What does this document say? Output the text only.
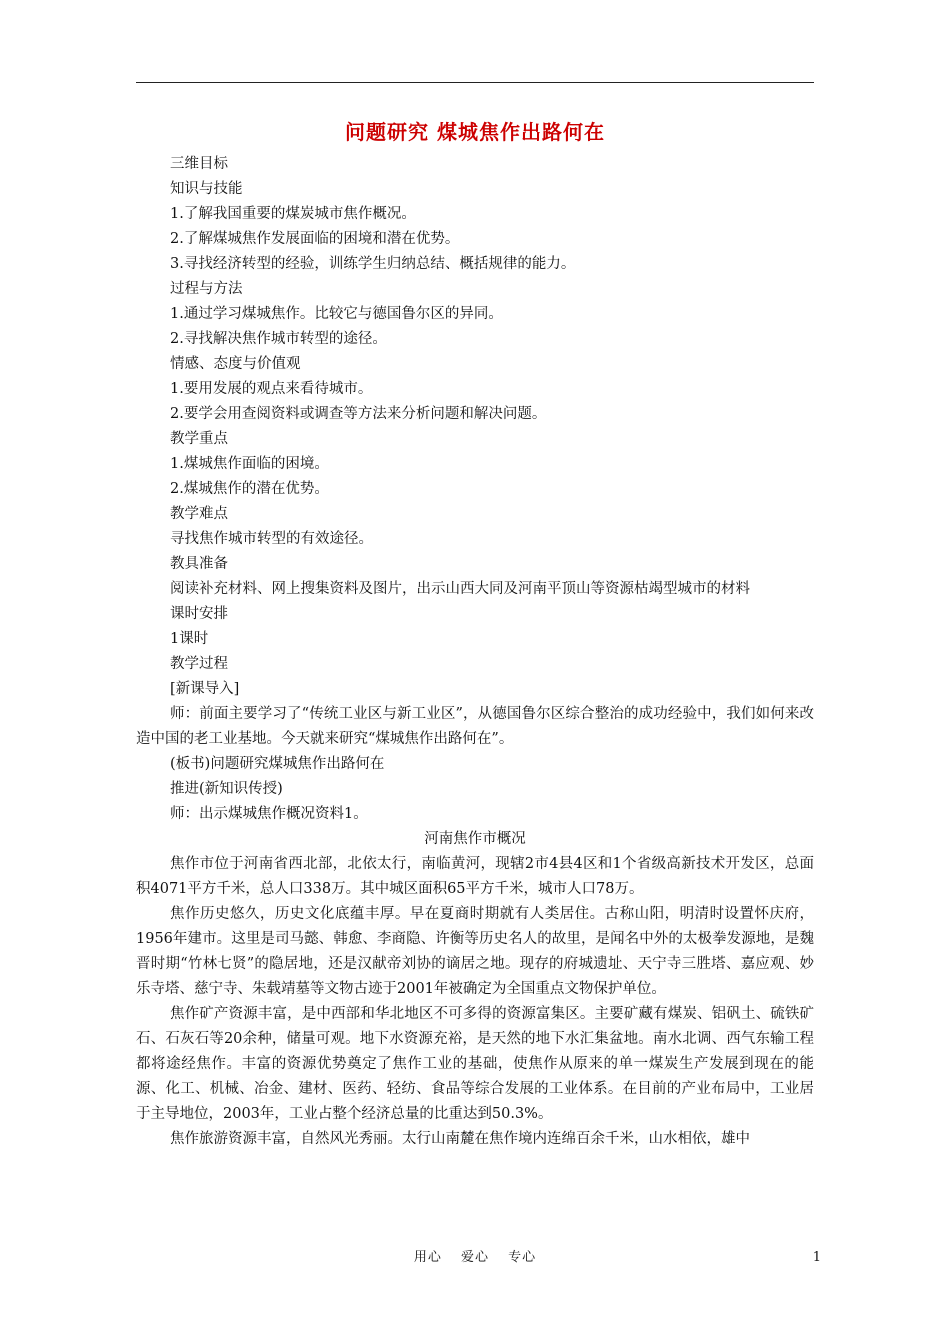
问题研究 煤城焦作出路何在
三维目标
知识与技能
1.了解我国重要的煤炭城市焦作概况。
2.了解煤城焦作发展面临的困境和潜在优势。
3.寻找经济转型的经验，训练学生归纳总结、概括规律的能力。
过程与方法
1.通过学习煤城焦作。比较它与德国鲁尔区的异同。
2.寻找解决焦作城市转型的途径。
情感、态度与价值观
1.要用发展的观点来看待城市。
2.要学会用查阅资料或调查等方法来分析问题和解决问题。
教学重点
1.煤城焦作面临的困境。
2.煤城焦作的潜在优势。
教学难点
寻找焦作城市转型的有效途径。
教具准备

阅读补充材料、网上搜集资料及图片，出示山西大同及河南平顶山等资源枯竭型城市的材料

课时安排
1课时
教学过程
[新课导入]

师：前面主要学习了“传统工业区与新工业区”，从德国鲁尔区综合整治的成功经验中，我们如何来改造中国的老工业基地。今天就来研究“煤城焦作出路何在”。

(板书)问题研究煤城焦作出路何在
推进(新知识传授)
师：出示煤城焦作概况资料1。
河南焦作市概况

焦作市位于河南省西北部，北依太行，南临黄河，现辖2市4县4区和1个省级高新技术开发区，总面积4071平方千米，总人口338万。其中城区面积65平方千米，城市人口78万。

焦作历史悠久，历史文化底蕴丰厚。早在夏商时期就有人类居住。古称山阳，明清时设置怀庆府，1956年建市。这里是司马懿、韩愈、李商隐、许衡等历史名人的故里，是闻名中外的太极拳发源地，是魏晋时期“竹林七贤”的隐居地，还是汉献帝刘协的谪居之地。现存的府城遗址、天宁寺三胜塔、嘉应观、妙乐寺塔、慈宁寺、朱载靖墓等文物古迹于2001年被确定为全国重点文物保护单位。

焦作矿产资源丰富，是中西部和华北地区不可多得的资源富集区。主要矿藏有煤炭、铝矾土、硫铁矿石、石灰石等20余种，储量可观。地下水资源充裕，是天然的地下水汇集盆地。南水北调、西气东输工程都将途经焦作。丰富的资源优势奠定了焦作工业的基础，使焦作从原来的单一煤炭生产发展到现在的能源、化工、机械、冶金、建材、医药、轻纺、食品等综合发展的工业体系。在目前的产业布局中，工业居于主导地位，2003年，工业占整个经济总量的比重达到50.3%。

焦作旅游资源丰富，自然风光秀丽。太行山南麓在焦作境内连绵百余千米，山水相依，雄中

用心 爱心 专心	1
